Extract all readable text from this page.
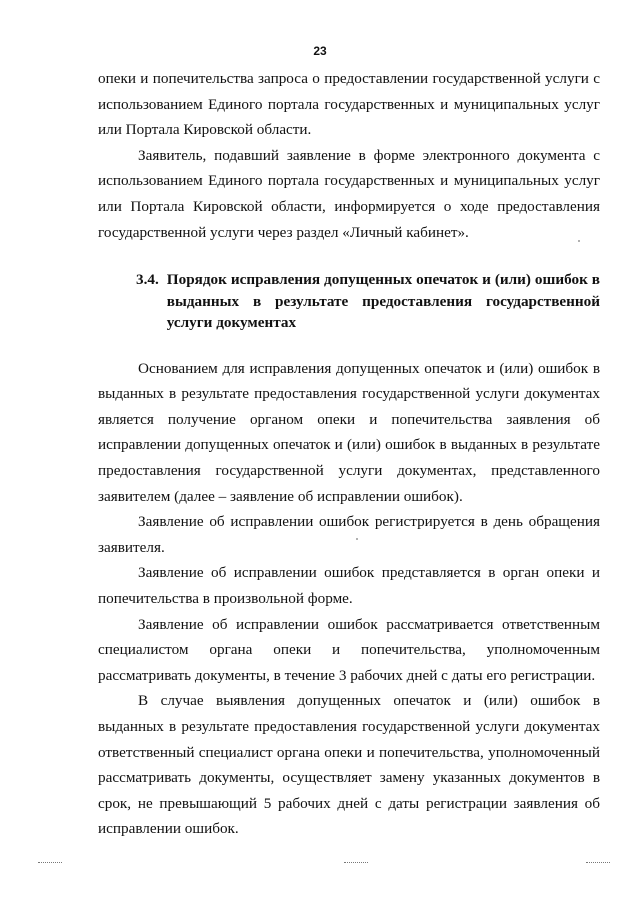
23

опеки и попечительства запроса о предоставлении государственной услуги с использованием Единого портала государственных и муниципальных услуг или Портала Кировской области.

Заявитель, подавший заявление в форме электронного документа с использованием Единого портала государственных и муниципальных услуг или Портала Кировской области, информируется о ходе предоставления государственной услуги через раздел «Личный кабинет».

3.4. Порядок исправления допущенных опечаток и (или) ошибок в выданных в результате предоставления государственной услуги документах

Основанием для исправления допущенных опечаток и (или) ошибок в выданных в результате предоставления государственной услуги документах является получение органом опеки и попечительства заявления об исправлении допущенных опечаток и (или) ошибок в выданных в результате предоставления государственной услуги документах, представленного заявителем (далее – заявление об исправлении ошибок).

Заявление об исправлении ошибок регистрируется в день обращения заявителя.

Заявление об исправлении ошибок представляется в орган опеки и попечительства в произвольной форме.

Заявление об исправлении ошибок рассматривается ответственным специалистом органа опеки и попечительства, уполномоченным рассматривать документы, в течение 3 рабочих дней с даты его регистрации.

В случае выявления допущенных опечаток и (или) ошибок в выданных в результате предоставления государственной услуги документах ответственный специалист органа опеки и попечительства, уполномоченный рассматривать документы, осуществляет замену указанных документов в срок, не превышающий 5 рабочих дней с даты регистрации заявления об исправлении ошибок.
